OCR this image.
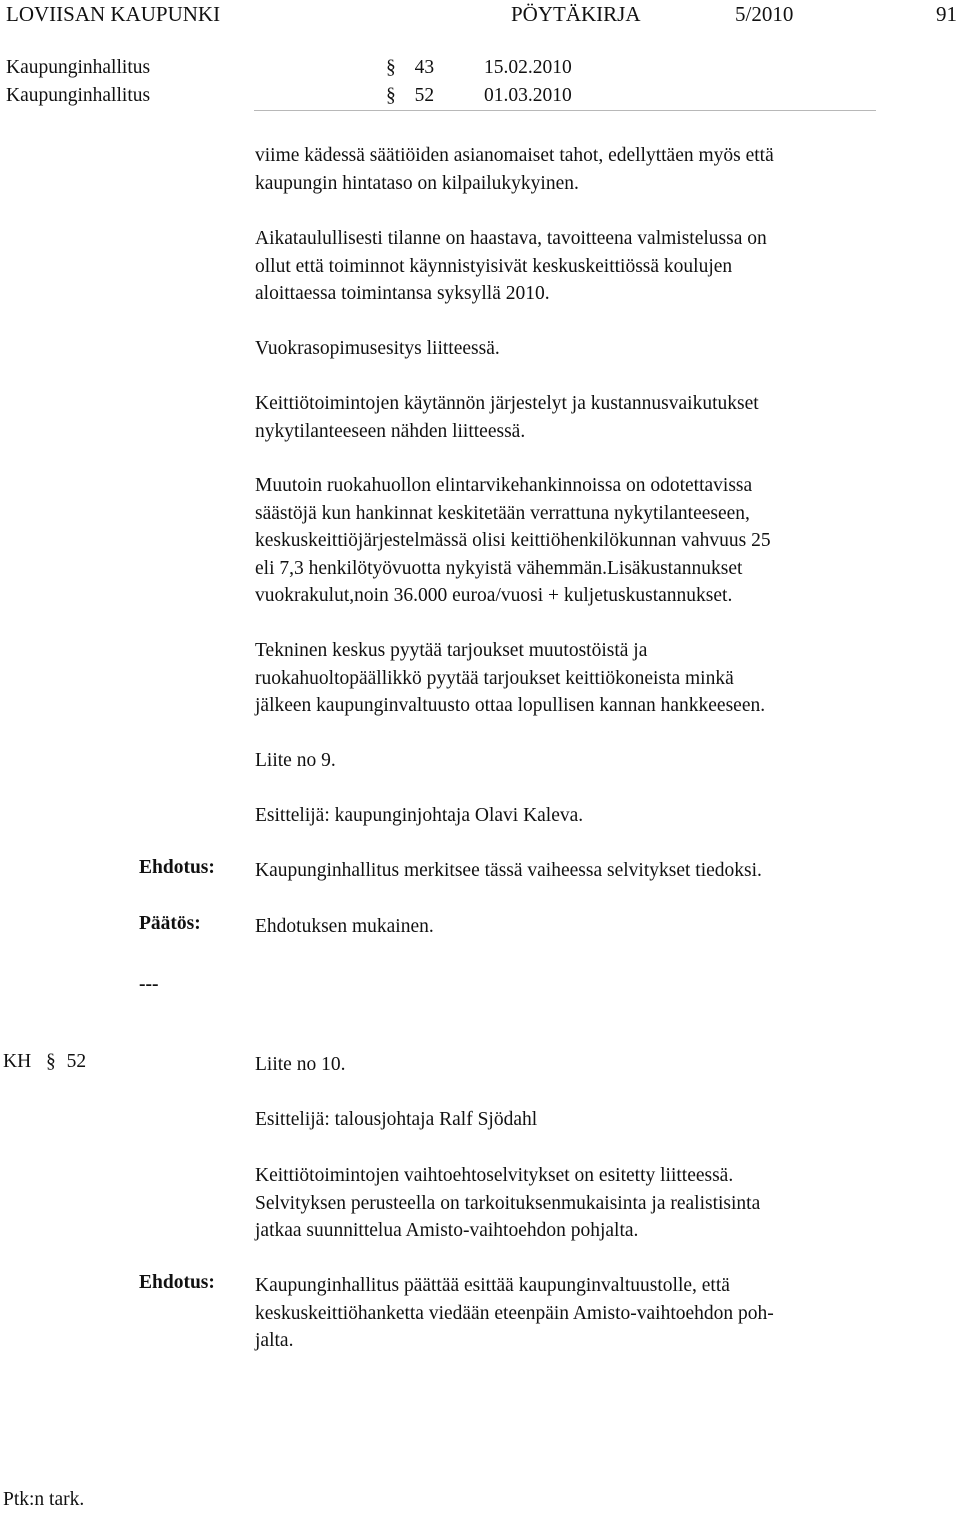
LOVIISAN KAUPUNKI	PÖYTÄKIRJA	5/2010	91
Kaupunginhallitus	§ 43	15.02.2010
Kaupunginhallitus	§ 52	01.03.2010
viime kädessä säätiöiden asianomaiset tahot, edellyttäen myös että
kaupungin hintataso on kilpailukykyinen.
Aikataulullisesti tilanne on haastava, tavoitteena valmistelussa on
ollut että toiminnot käynnistyisivät keskuskeittiössä koulujen
aloittaessa toimintansa syksyllä 2010.
Vuokrasopimusesitys liitteessä.
Keittiötoimintojen käytännön järjestelyt ja kustannusvaikutukset
nykytilanteeseen nähden liitteessä.
Muutoin ruokahuollon elintarvikehankinnoissa on odotettavissa
säästöjä kun hankinnat keskitetään verrattuna nykytilanteeseen,
keskuskeittiöjärjestelmässä olisi keittiöhenkilökunnan vahvuus 25
eli 7,3 henkilötyövuotta nykyistä vähemmän.Lisäkustannukset
vuokrakulut,noin 36.000 euroa/vuosi + kuljetuskustannukset.
Tekninen keskus pyytää tarjoukset muutostöistä ja
ruokahuoltopäällikkö pyytää tarjoukset keittiökoneista minkä
jälkeen kaupunginvaltuusto ottaa lopullisen kannan hankkeeseen.
Liite no 9.
Esittelijä: kaupunginjohtaja Olavi Kaleva.
Ehdotus: Kaupunginhallitus merkitsee tässä vaiheessa selvitykset tiedoksi.
Päätös:	Ehdotuksen mukainen.
---
KH § 52	Liite no 10.
Esittelijä: talousjohtaja Ralf Sjödahl
Keittiötoimintojen vaihtoehtoselvitykset on esitetty liitteessä.
Selvityksen perusteella on tarkoituksenmukaisinta ja realistisinta
jatkaa suunnittelua Amisto-vaihtoehdon pohjalta.
Ehdotus: Kaupunginhallitus päättää esittää kaupunginvaltuustolle, että
keskuskeittiöhanketta viedään eteenpäin Amisto-vaihtoehdon poh-
jalta.
Ptk:n tark.
